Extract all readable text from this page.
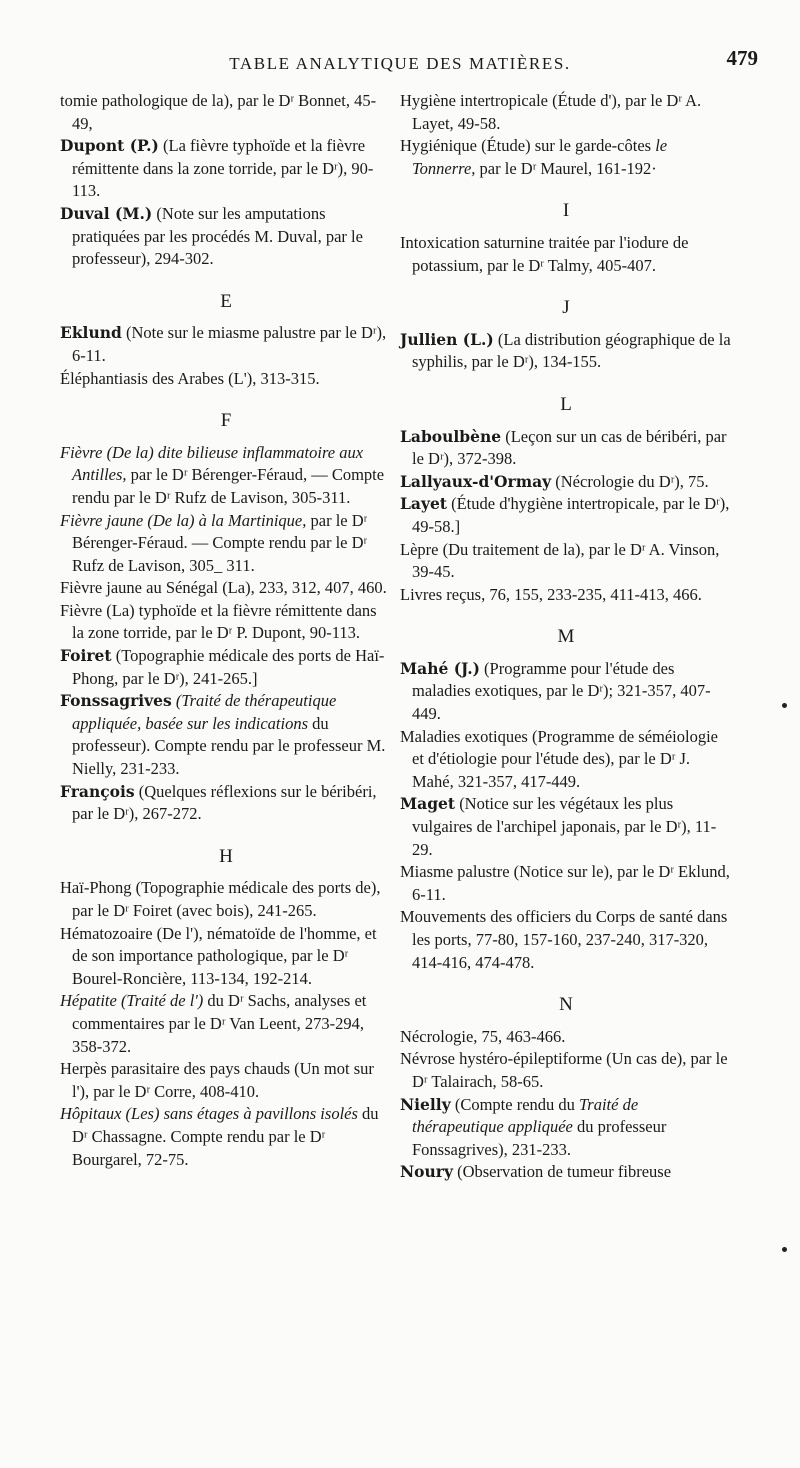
TABLE ANALYTIQUE DES MATIÈRES.	479

tomie pathologique de la), par le Dʳ Bonnet, 45-49,

Dupont (P.) (La fièvre typhoïde et la fièvre rémittente dans la zone torride, par le Dʳ), 90-113.

Duval (M.) (Note sur les amputations pratiquées par les procédés M. Duval, par le professeur), 294-302.

E

Eklund (Note sur le miasme palustre par le Dʳ), 6-11.

Éléphantiasis des Arabes (L'), 313-315.

F

Fièvre (De la) dite bilieuse inflammatoire aux Antilles, par le Dʳ Bérenger-Féraud, — Compte rendu par le Dʳ Rufz de Lavison, 305-311.

Fièvre jaune (De la) à la Martinique, par le Dʳ Bérenger-Féraud. — Compte rendu par le Dʳ Rufz de Lavison, 305_ 311.

Fièvre jaune au Sénégal (La), 233, 312, 407, 460.

Fièvre (La) typhoïde et la fièvre rémittente dans la zone torride, par le Dʳ P. Dupont, 90-113.

Foiret (Topographie médicale des ports de Haï-Phong, par le Dʳ), 241-265.]

Fonssagrives (Traité de thérapeutique appliquée, basée sur les indications du professeur). Compte rendu par le professeur M. Nielly, 231-233.

François (Quelques réflexions sur le béribéri, par le Dʳ), 267-272.

H

Haï-Phong (Topographie médicale des ports de), par le Dʳ Foiret (avec bois), 241-265.

Hématozoaire (De l'), nématoïde de l'homme, et de son importance pathologique, par le Dʳ Bourel-Roncière, 113-134, 192-214.

Hépatite (Traité de l') du Dʳ Sachs, analyses et commentaires par le Dʳ Van Leent, 273-294, 358-372.

Herpès parasitaire des pays chauds (Un mot sur l'), par le Dʳ Corre, 408-410.

Hôpitaux (Les) sans étages à pavillons isolés du Dʳ Chassagne. Compte rendu par le Dʳ Bourgarel, 72-75.

Hygiène intertropicale (Étude d'), par le Dʳ A. Layet, 49-58.

Hygiénique (Étude) sur le garde-côtes le Tonnerre, par le Dʳ Maurel, 161-192·

I

Intoxication saturnine traitée par l'iodure de potassium, par le Dʳ Talmy, 405-407.

J

Jullien (L.) (La distribution géographique de la syphilis, par le Dʳ), 134-155.

L

Laboulbène (Leçon sur un cas de béribéri, par le Dʳ), 372-398.

Lallyaux-d'Ormay (Nécrologie du Dʳ), 75.

Layet (Étude d'hygiène intertropicale, par le Dʳ), 49-58.]

Lèpre (Du traitement de la), par le Dʳ A. Vinson, 39-45.

Livres reçus, 76, 155, 233-235, 411-413, 466.

M

Mahé (J.) (Programme pour l'étude des maladies exotiques, par le Dʳ); 321-357, 407-449.

Maladies exotiques (Programme de séméiologie et d'étiologie pour l'étude des), par le Dʳ J. Mahé, 321-357, 417-449.

Maget (Notice sur les végétaux les plus vulgaires de l'archipel japonais, par le Dʳ), 11-29.

Miasme palustre (Notice sur le), par le Dʳ Eklund, 6-11.

Mouvements des officiers du Corps de santé dans les ports, 77-80, 157-160, 237-240, 317-320, 414-416, 474-478.

N

Nécrologie, 75, 463-466.

Névrose hystéro-épileptiforme (Un cas de), par le Dʳ Talairach, 58-65.

Nielly (Compte rendu du Traité de thérapeutique appliquée du professeur Fonssagrives), 231-233.

Noury (Observation de tumeur fibreuse
